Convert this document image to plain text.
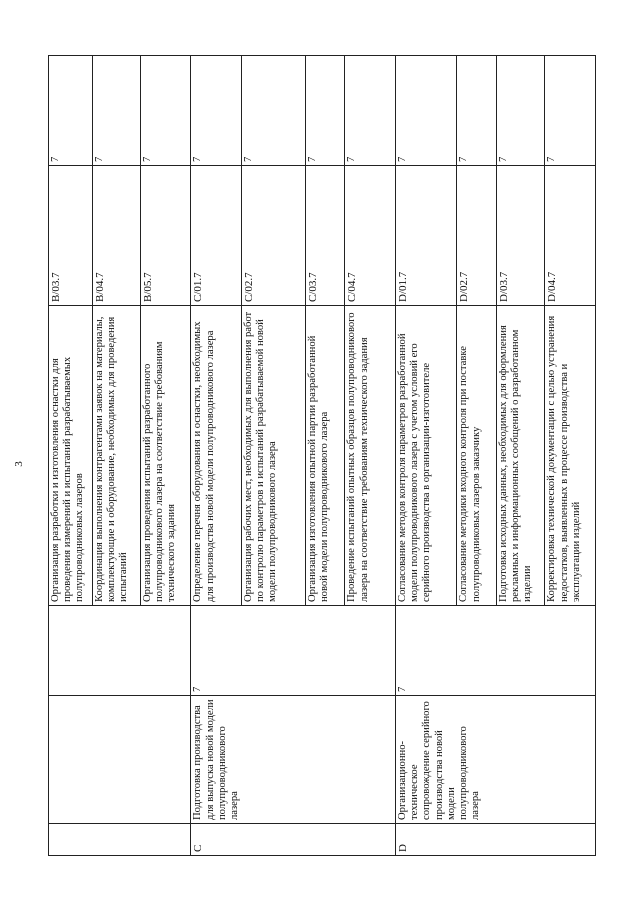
3
			Организация разработки и изготовления оснастки для проведения измерений и испытаний разрабатываемых полупроводниковых лазеров	B/03.7	7
			Координация выполнения контрагентами заявок на материалы, комплектующие и оборудование, необходимых для проведения испытаний	B/04.7	7
			Организация проведения испытаний разработанного полупроводникового лазера на соответствие требованиям технического задания	B/05.7	7
C	Подготовка производства для выпуска новой модели полупроводникового лазера	7	Определение перечня оборудования и оснастки, необходимых для производства новой модели полупроводникового лазера	C/01.7	7
			Организация рабочих мест, необходимых для выполнения работ по контролю параметров и испытаний разрабатываемой новой модели полупроводникового лазера	C/02.7	7
			Организация изготовления опытной партии разработанной новой модели полупроводникового лазера	C/03.7	7
			Проведение испытаний опытных образцов полупроводникового лазера на соответствие требованиям технического задания	C/04.7	7
D	Организационно-техническое сопровождение серийного производства новой модели полупроводникового лазера	7	Согласование методов контроля параметров разработанной модели полупроводникового лазера с учетом условий его серийного производства в организации-изготовителе	D/01.7	7
			Согласование методики входного контроля при поставке полупроводниковых лазеров заказчику	D/02.7	7
			Подготовка исходных данных, необходимых для оформления рекламных и информационных сообщений о разработанном изделии	D/03.7	7
			Корректировка технической документации с целью устранения недостатков, выявленных в процессе производства и эксплуатации изделий	D/04.7	7
